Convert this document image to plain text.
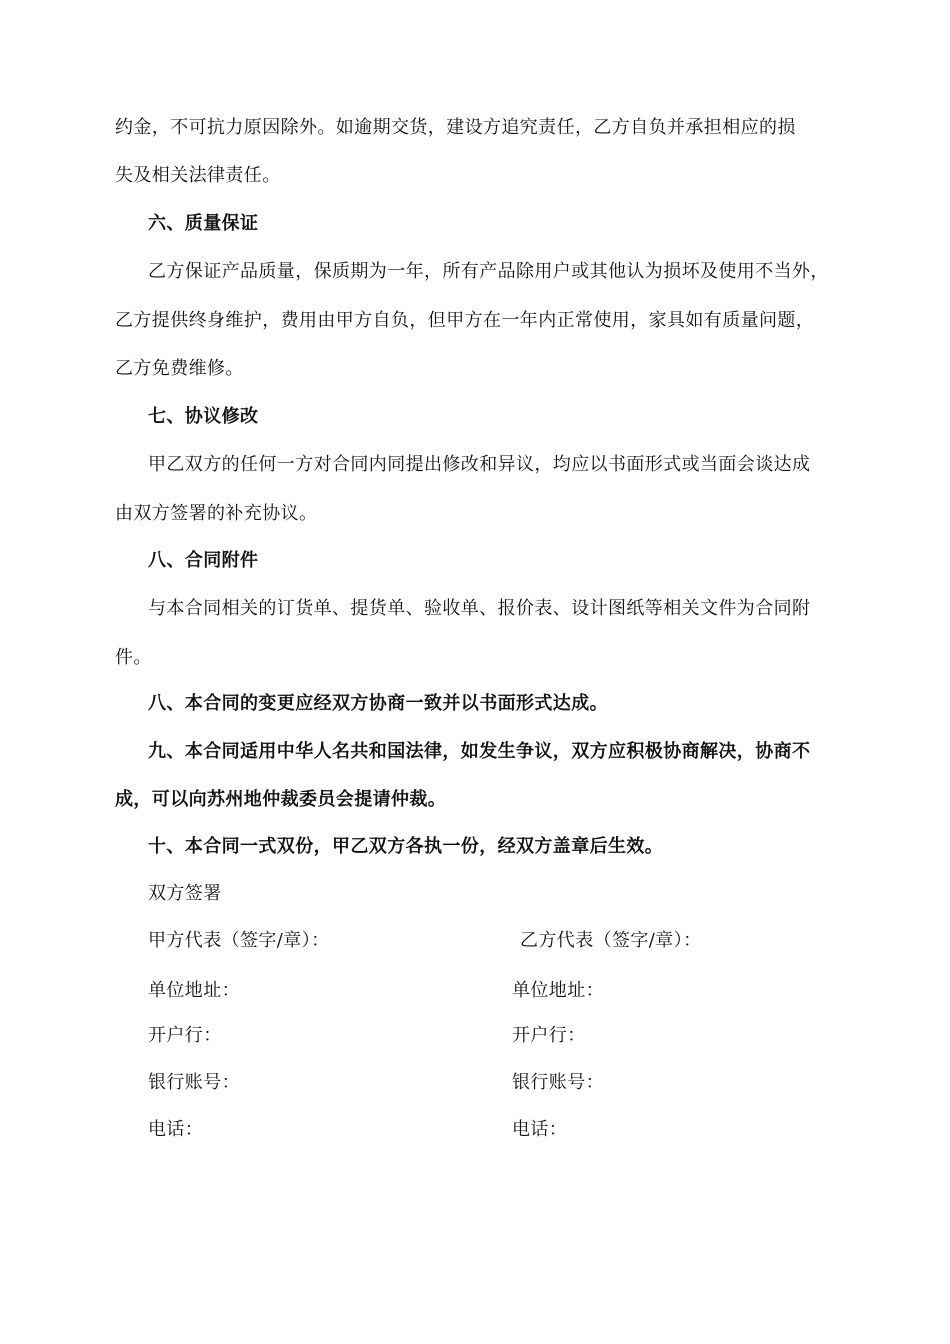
约金，不可抗力原因除外。如逾期交货，建设方追究责任，乙方自负并承担相应的损
失及相关法律责任。
六、质量保证
乙方保证产品质量，保质期为一年，所有产品除用户或其他认为损坏及使用不当外，
乙方提供终身维护，费用由甲方自负，但甲方在一年内正常使用，家具如有质量问题，
乙方免费维修。
七、协议修改
甲乙双方的任何一方对合同内同提出修改和异议，均应以书面形式或当面会谈达成
由双方签署的补充协议。
八、合同附件
与本合同相关的订货单、提货单、验收单、报价表、设计图纸等相关文件为合同附
件。
八、本合同的变更应经双方协商一致并以书面形式达成。
九、本合同适用中华人名共和国法律，如发生争议，双方应积极协商解决，协商不
成，可以向苏州地仲裁委员会提请仲裁。
十、本合同一式双份，甲乙双方各执一份，经双方盖章后生效。
双方签署
甲方代表（签字/章）：	乙方代表（签字/章）：
单位地址：	单位地址：
开户行：	开户行：
银行账号：	银行账号：
电话：	电话：
